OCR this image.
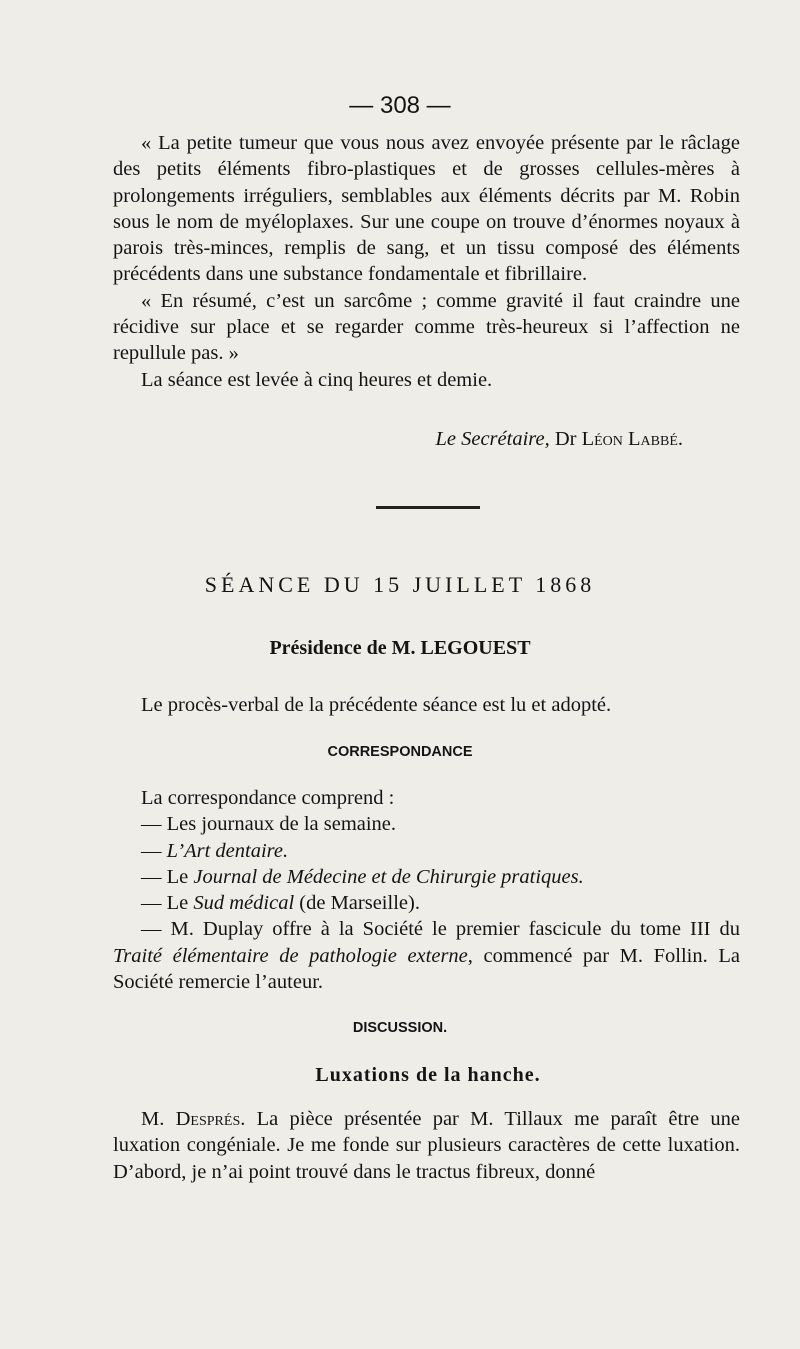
— 308 —

« La petite tumeur que vous nous avez envoyée présente par le râclage des petits éléments fibro-plastiques et de grosses cellules-mères à prolongements irréguliers, semblables aux éléments décrits par M. Robin sous le nom de myéloplaxes. Sur une coupe on trouve d’énormes noyaux à parois très-minces, remplis de sang, et un tissu composé des éléments précédents dans une substance fondamentale et fibrillaire.

« En résumé, c’est un sarcôme ; comme gravité il faut craindre une récidive sur place et se regarder comme très-heureux si l’affection ne repullule pas. »

La séance est levée à cinq heures et demie.

Le Secrétaire, Dr Léon Labbé.
SÉANCE DU 15 JUILLET 1868
Présidence de M. LEGOUEST

Le procès-verbal de la précédente séance est lu et adopté.

CORRESPONDANCE

La correspondance comprend :

— Les journaux de la semaine.

— L’Art dentaire.

— Le Journal de Médecine et de Chirurgie pratiques.

— Le Sud médical (de Marseille).

— M. Duplay offre à la Société le premier fascicule du tome III du Traité élémentaire de pathologie externe, commencé par M. Follin. La Société remercie l’auteur.

DISCUSSION.
Luxations de la hanche.

M. Després. La pièce présentée par M. Tillaux me paraît être une luxation congéniale. Je me fonde sur plusieurs caractères de cette luxation. D’abord, je n’ai point trouvé dans le tractus fibreux, donné
